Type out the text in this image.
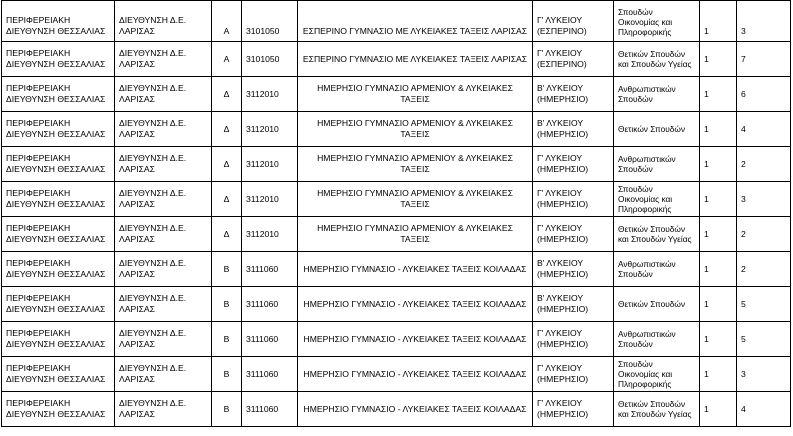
ΠΕΡΙΦΕΡΕΙΑΚΗ ΔΙΕΥΘΥΝΣΗ ΘΕΣΣΑΛΙΑΣ	ΔΙΕΥΘΥΝΣΗ Δ.Ε. ΛΑΡΙΣΑΣ	Α	3101050	ΕΣΠΕΡΙΝΟ ΓΥΜΝΑΣΙΟ ΜΕ ΛΥΚΕΙΑΚΕΣ ΤΑΞΕΙΣ ΛΑΡΙΣΑΣ	Γ' ΛΥΚΕΙΟΥ (ΕΣΠΕΡΙΝΟ)	Σπουδών Οικονομίας και Πληροφορικής	1	3
ΠΕΡΙΦΕΡΕΙΑΚΗ ΔΙΕΥΘΥΝΣΗ ΘΕΣΣΑΛΙΑΣ	ΔΙΕΥΘΥΝΣΗ Δ.Ε. ΛΑΡΙΣΑΣ	Α	3101050	ΕΣΠΕΡΙΝΟ ΓΥΜΝΑΣΙΟ ΜΕ ΛΥΚΕΙΑΚΕΣ ΤΑΞΕΙΣ ΛΑΡΙΣΑΣ	Γ' ΛΥΚΕΙΟΥ (ΕΣΠΕΡΙΝΟ)	Θετικών Σπουδών και Σπουδών Υγείας	1	7
ΠΕΡΙΦΕΡΕΙΑΚΗ ΔΙΕΥΘΥΝΣΗ ΘΕΣΣΑΛΙΑΣ	ΔΙΕΥΘΥΝΣΗ Δ.Ε. ΛΑΡΙΣΑΣ	Δ	3112010	ΗΜΕΡΗΣΙΟ ΓΥΜΝΑΣΙΟ ΑΡΜΕΝΙΟΥ & ΛΥΚΕΙΑΚΕΣ ΤΑΞΕΙΣ	Β' ΛΥΚΕΙΟΥ (ΗΜΕΡΗΣΙΟ)	Ανθρωπιστικών Σπουδών	1	6
ΠΕΡΙΦΕΡΕΙΑΚΗ ΔΙΕΥΘΥΝΣΗ ΘΕΣΣΑΛΙΑΣ	ΔΙΕΥΘΥΝΣΗ Δ.Ε. ΛΑΡΙΣΑΣ	Δ	3112010	ΗΜΕΡΗΣΙΟ ΓΥΜΝΑΣΙΟ ΑΡΜΕΝΙΟΥ & ΛΥΚΕΙΑΚΕΣ ΤΑΞΕΙΣ	Β' ΛΥΚΕΙΟΥ (ΗΜΕΡΗΣΙΟ)	Θετικών Σπουδών	1	4
ΠΕΡΙΦΕΡΕΙΑΚΗ ΔΙΕΥΘΥΝΣΗ ΘΕΣΣΑΛΙΑΣ	ΔΙΕΥΘΥΝΣΗ Δ.Ε. ΛΑΡΙΣΑΣ	Δ	3112010	ΗΜΕΡΗΣΙΟ ΓΥΜΝΑΣΙΟ ΑΡΜΕΝΙΟΥ & ΛΥΚΕΙΑΚΕΣ ΤΑΞΕΙΣ	Γ' ΛΥΚΕΙΟΥ (ΗΜΕΡΗΣΙΟ)	Ανθρωπιστικών Σπουδών	1	2
ΠΕΡΙΦΕΡΕΙΑΚΗ ΔΙΕΥΘΥΝΣΗ ΘΕΣΣΑΛΙΑΣ	ΔΙΕΥΘΥΝΣΗ Δ.Ε. ΛΑΡΙΣΑΣ	Δ	3112010	ΗΜΕΡΗΣΙΟ ΓΥΜΝΑΣΙΟ ΑΡΜΕΝΙΟΥ & ΛΥΚΕΙΑΚΕΣ ΤΑΞΕΙΣ	Γ' ΛΥΚΕΙΟΥ (ΗΜΕΡΗΣΙΟ)	Σπουδών Οικονομίας και Πληροφορικής	1	3
ΠΕΡΙΦΕΡΕΙΑΚΗ ΔΙΕΥΘΥΝΣΗ ΘΕΣΣΑΛΙΑΣ	ΔΙΕΥΘΥΝΣΗ Δ.Ε. ΛΑΡΙΣΑΣ	Δ	3112010	ΗΜΕΡΗΣΙΟ ΓΥΜΝΑΣΙΟ ΑΡΜΕΝΙΟΥ & ΛΥΚΕΙΑΚΕΣ ΤΑΞΕΙΣ	Γ' ΛΥΚΕΙΟΥ (ΗΜΕΡΗΣΙΟ)	Θετικών Σπουδών και Σπουδών Υγείας	1	2
ΠΕΡΙΦΕΡΕΙΑΚΗ ΔΙΕΥΘΥΝΣΗ ΘΕΣΣΑΛΙΑΣ	ΔΙΕΥΘΥΝΣΗ Δ.Ε. ΛΑΡΙΣΑΣ	Β	3111060	ΗΜΕΡΗΣΙΟ ΓΥΜΝΑΣΙΟ - ΛΥΚΕΙΑΚΕΣ ΤΑΞΕΙΣ ΚΟΙΛΑΔΑΣ	Β' ΛΥΚΕΙΟΥ (ΗΜΕΡΗΣΙΟ)	Ανθρωπιστικών Σπουδών	1	2
ΠΕΡΙΦΕΡΕΙΑΚΗ ΔΙΕΥΘΥΝΣΗ ΘΕΣΣΑΛΙΑΣ	ΔΙΕΥΘΥΝΣΗ Δ.Ε. ΛΑΡΙΣΑΣ	Β	3111060	ΗΜΕΡΗΣΙΟ ΓΥΜΝΑΣΙΟ - ΛΥΚΕΙΑΚΕΣ ΤΑΞΕΙΣ ΚΟΙΛΑΔΑΣ	Β' ΛΥΚΕΙΟΥ (ΗΜΕΡΗΣΙΟ)	Θετικών Σπουδών	1	5
ΠΕΡΙΦΕΡΕΙΑΚΗ ΔΙΕΥΘΥΝΣΗ ΘΕΣΣΑΛΙΑΣ	ΔΙΕΥΘΥΝΣΗ Δ.Ε. ΛΑΡΙΣΑΣ	Β	3111060	ΗΜΕΡΗΣΙΟ ΓΥΜΝΑΣΙΟ - ΛΥΚΕΙΑΚΕΣ ΤΑΞΕΙΣ ΚΟΙΛΑΔΑΣ	Γ' ΛΥΚΕΙΟΥ (ΗΜΕΡΗΣΙΟ)	Ανθρωπιστικών Σπουδών	1	5
ΠΕΡΙΦΕΡΕΙΑΚΗ ΔΙΕΥΘΥΝΣΗ ΘΕΣΣΑΛΙΑΣ	ΔΙΕΥΘΥΝΣΗ Δ.Ε. ΛΑΡΙΣΑΣ	Β	3111060	ΗΜΕΡΗΣΙΟ ΓΥΜΝΑΣΙΟ - ΛΥΚΕΙΑΚΕΣ ΤΑΞΕΙΣ ΚΟΙΛΑΔΑΣ	Γ' ΛΥΚΕΙΟΥ (ΗΜΕΡΗΣΙΟ)	Σπουδών Οικονομίας και Πληροφορικής	1	3
ΠΕΡΙΦΕΡΕΙΑΚΗ ΔΙΕΥΘΥΝΣΗ ΘΕΣΣΑΛΙΑΣ	ΔΙΕΥΘΥΝΣΗ Δ.Ε. ΛΑΡΙΣΑΣ	Β	3111060	ΗΜΕΡΗΣΙΟ ΓΥΜΝΑΣΙΟ - ΛΥΚΕΙΑΚΕΣ ΤΑΞΕΙΣ ΚΟΙΛΑΔΑΣ	Γ' ΛΥΚΕΙΟΥ (ΗΜΕΡΗΣΙΟ)	Θετικών Σπουδών και Σπουδών Υγείας	1	4
